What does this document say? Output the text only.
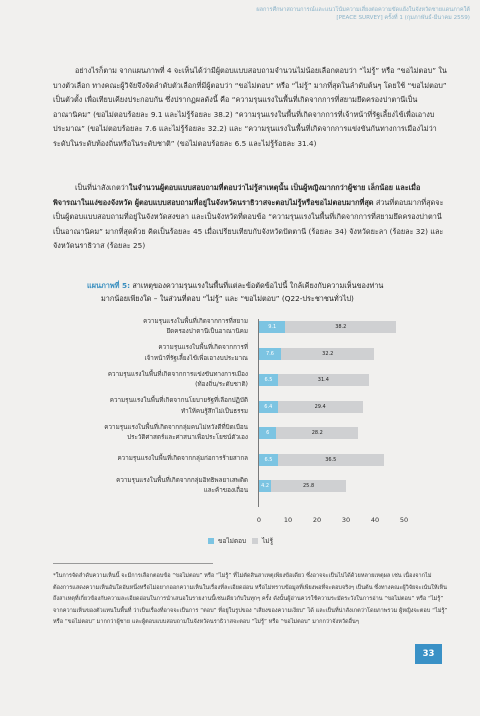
ผลการศึกษาสถานการณ์และแนวโน้มความเสี่ยงต่อความขัดแย้งในจังหวัดชายแดนภาคใต้
[PEACE SURVEY] ครั้งที่ 1 (กุมภาพันธ์-มีนาคม 2559)
อย่างไรก็ตาม จากแผนภาพที่ 4 จะเห็นได้ว่ามีผู้ตอบแบบสอบถามจำนวนไม่น้อยเลือกตอบว่า “ไม่รู้” หรือ “ขอไม่ตอบ” ในบางตัวเลือก ทางคณะผู้วิจัยจึงจัดลำดับตัวเลือกที่มีผู้ตอบว่า “ขอไม่ตอบ” หรือ “ไม่รู้” มากที่สุดในลำดับต้นๆ โดยใช้ “ขอไม่ตอบ” เป็นตัวตั้ง เพื่อเทียบเคียงประกอบกัน ซึ่งปรากฏผลดังนี้ คือ “ความรุนแรงในพื้นที่เกิดจากการที่สยามยึดครองปาตานีเป็นอาณานิคม” (ขอไม่ตอบร้อยละ 9.1 และไม่รู้ร้อยละ 38.2) “ความรุนแรงในพื้นที่เกิดจากการที่เจ้าหน้าที่รัฐเลี้ยงไข้เพื่อเอางบประมาณ” (ขอไม่ตอบร้อยละ 7.6 และไม่รู้ร้อยละ 32.2) และ “ความรุนแรงในพื้นที่เกิดจากการแข่งขันกันทางการเมืองไม่ว่าระดับในระดับท้องถิ่นหรือในระดับชาติ” (ขอไม่ตอบร้อยละ 6.5 และไม่รู้ร้อยละ 31.4)
เป็นที่น่าสังเกตว่าในจำนวนผู้ตอบแบบสอบถามที่ตอบว่าไม่รู้สาเหตุนั้น เป็นผู้หญิงมากกว่าผู้ชาย เล็กน้อย และเมื่อพิจารณาในแง่ของจังหวัด ผู้ตอบแบบสอบถามที่อยู่ในจังหวัดนราธิวาสจะตอบไม่รู้หรือขอไม่ตอบมากที่สุด ส่วนที่ตอบมากที่สุดจะเป็นผู้ตอบแบบสอบถามที่อยู่ในจังหวัดสงขลา และเป็นจังหวัดที่ตอบข้อ “ความรุนแรงในพื้นที่เกิดจากการที่สยามยึดครองปาตานีเป็นอาณานิคม” มากที่สุดด้วย คิดเป็นร้อยละ 45 เมื่อเปรียบเทียบกับจังหวัดปัตตานี (ร้อยละ 34) จังหวัดยะลา (ร้อยละ 32) และจังหวัดนราธิวาส (ร้อยละ 25)
แผนภาพที่ 5: สาเหตุของความรุนแรงในพื้นที่แต่ละข้อตัดข้อไปนี้ ใกล้เคียงกับความเห็นของท่าน
มากน้อยเพียงใด – ในส่วนที่ตอบ “ไม่รู้” และ “ขอไม่ตอบ” (Q22-ประชาชนทั่วไป)
ความรุนแรงในพื้นที่เกิดจากการที่สยาม
ยึดครองปาตานีเป็นอาณานิคม
9.1	38.2
ความรุนแรงในพื้นที่เกิดจากการที่
เจ้าหน้าที่รัฐเลี้ยงไข้เพื่อเอางบประมาณ
7.6	32.2
ความรุนแรงในพื้นที่เกิดจากการแข่งขันทางการเมือง
(ท้องถิ่น/ระดับชาติ)
6.5	31.4
ความรุนแรงในพื้นที่เกิดจากนโยบายรัฐที่เลือกปฏิบัติ
ทำให้คนรู้สึกไม่เป็นธรรม
6.4	29.4
ความรุนแรงในพื้นที่เกิดจากกลุ่มคนไม่หวังดีที่บิดเบือน
ประวัติศาสตร์และศาสนาเพื่อประโยชน์ตัวเอง
6	28.2
ความรุนแรงในพื้นที่เกิดจากกลุ่มก่อการร้ายสากล	6.5	36.5
ความรุนแรงในพื้นที่เกิดจากกลุ่มอิทธิพลยาเสพติด
และค้าของเถื่อน
4.2	25.8
0	10	20	30	40	50
ขอไม่ตอบ ไม่รู้
*ในการจัดลำดับความเห็นนี้ จะมีการเลือกตอบข้อ “ขอไม่ตอบ” หรือ “ไม่รู้” ที่ไม่ตัดสินสาเหตุเพียงข้อเดียว ซึ่งอาจจะเป็นไปได้ด้วยหลายเหตุผล เช่น เนื่องจากไม่ต้องการแสดงความเห็นอันใดอันหนึ่งหรือไม่อยากออกความเห็นในเรื่องที่ละเอียดอ่อน หรือไม่ทราบข้อมูลที่เพียงพอที่จะตอบจริงๆ เป็นต้น ซึ่งทางคณะผู้วิจัยจะเน้นให้เห็นถึงสาเหตุที่เกี่ยวข้องกับความละเอียดอ่อนในการนำเสนอในรายงานนี้เช่นเดียวกับในทุกๆ ครั้ง ดังนั้นผู้อ่านควรใช้ความระมัดระวังในการอ่าน “ขอไม่ตอบ” หรือ “ไม่รู้” จากความเห็นของตัวแทนในพื้นที่ ว่าเป็นเรื่องที่อาจจะเป็นการ “ตอบ” ที่อยู่ในรูปของ “เสียงของความเงียบ” ได้ และเป็นที่น่าสังเกตว่าโดยภาพรวม ผู้หญิงจะตอบ “ไม่รู้” หรือ “ขอไม่ตอบ” มากกว่าผู้ชาย และผู้ตอบแบบสอบถามในจังหวัดนราธิวาสจะตอบ “ไม่รู้” หรือ “ขอไม่ตอบ” มากกว่าจังหวัดอื่นๆ
33
